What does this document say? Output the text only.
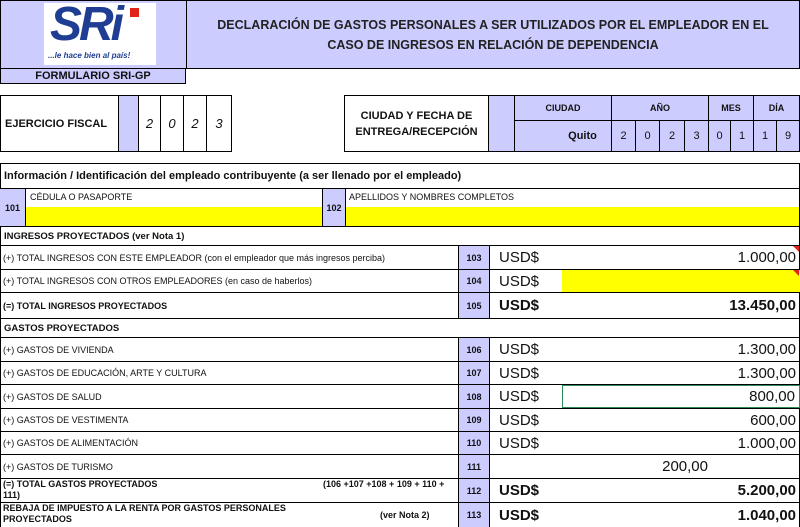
SRi
...le hace bien al país!
FORMULARIO SRI-GP
DECLARACIÓN DE GASTOS PERSONALES A SER UTILIZADOS POR EL EMPLEADOR EN EL CASO DE INGRESOS EN RELACIÓN DE DEPENDENCIA
EJERCICIO FISCAL	2	0	2	3
CIUDAD Y FECHA DE ENTREGA/RECEPCIÓN
CIUDAD	AÑO	MES	DÍA
Quito	2	0	2	3	0	1	1	9
Información / Identificación del empleado contribuyente (a ser llenado por el empleado)
101
CÉDULA O PASAPORTE
102
APELLIDOS Y NOMBRES COMPLETOS
INGRESOS PROYECTADOS (ver Nota 1)
(+) TOTAL INGRESOS CON ESTE EMPLEADOR (con el empleador que más ingresos perciba)	103	USD$	1.000,00
(+) TOTAL INGRESOS CON OTROS EMPLEADORES (en caso de haberlos)	104	USD$
(=) TOTAL INGRESOS PROYECTADOS	105	USD$	13.450,00
GASTOS PROYECTADOS
(+) GASTOS DE VIVIENDA	106	USD$	1.300,00
(+) GASTOS DE EDUCACIÓN, ARTE Y CULTURA	107	USD$	1.300,00
(+) GASTOS DE SALUD	108	USD$	800,00
(+) GASTOS DE VESTIMENTA	109	USD$	600,00
(+) GASTOS DE ALIMENTACIÓN	110	USD$	1.000,00
(+) GASTOS DE TURISMO	111	200,00
(=) TOTAL GASTOS PROYECTADOS	(106 +107 +108 + 109 + 110 + 111)	112	USD$	5.200,00
REBAJA DE IMPUESTO A LA RENTA POR GASTOS PERSONALES PROYECTADOS	(ver Nota 2)	113	USD$	1.040,00
